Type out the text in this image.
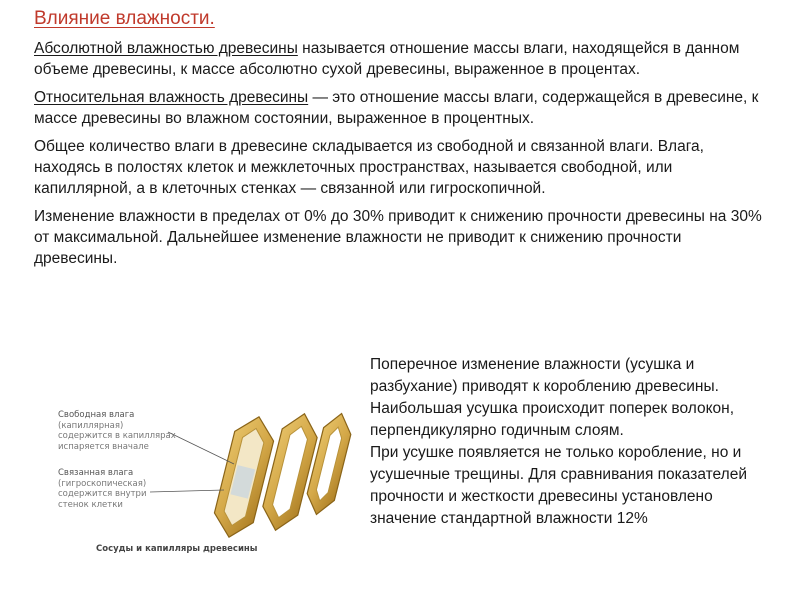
Влияние влажности.

Абсолютной влажностью древесины называется отношение массы влаги, находящейся в данном объеме древесины, к массе абсолютно сухой древесины, выраженное в процентах.

Относительная влажность древесины — это отношение массы влаги, содержащейся в древесине, к массе древесины во влажном состоянии, выраженное в процентных.

Общее количество влаги в древесине складывается из свободной и связанной влаги. Влага, находясь в полостях клеток и межклеточных пространствах, называется свободной, или капиллярной, а в клеточных стенках — связанной или гигроскопичной.

Изменение влажности в пределах от 0% до 30% приводит к снижению прочности древесины на 30% от максимальной. Дальнейшее изменение влажности не приводит к снижению прочности древесины.

Свободная влага
(капиллярная)
содержится в капиллярах
испаряется вначале
Связанная влага
(гигроскопическая)
содержится внутри
стенок клетки
Сосуды и капилляры древесины

Поперечное изменение влажности (усушка и разбухание) приводят к короблению древесины. Наибольшая усушка происходит поперек волокон, перпендикулярно годичным слоям.

При усушке появляется не только коробление, но и усушечные трещины. Для сравнивания показателей прочности и жесткости древесины установлено значение стандартной влажности 12%
